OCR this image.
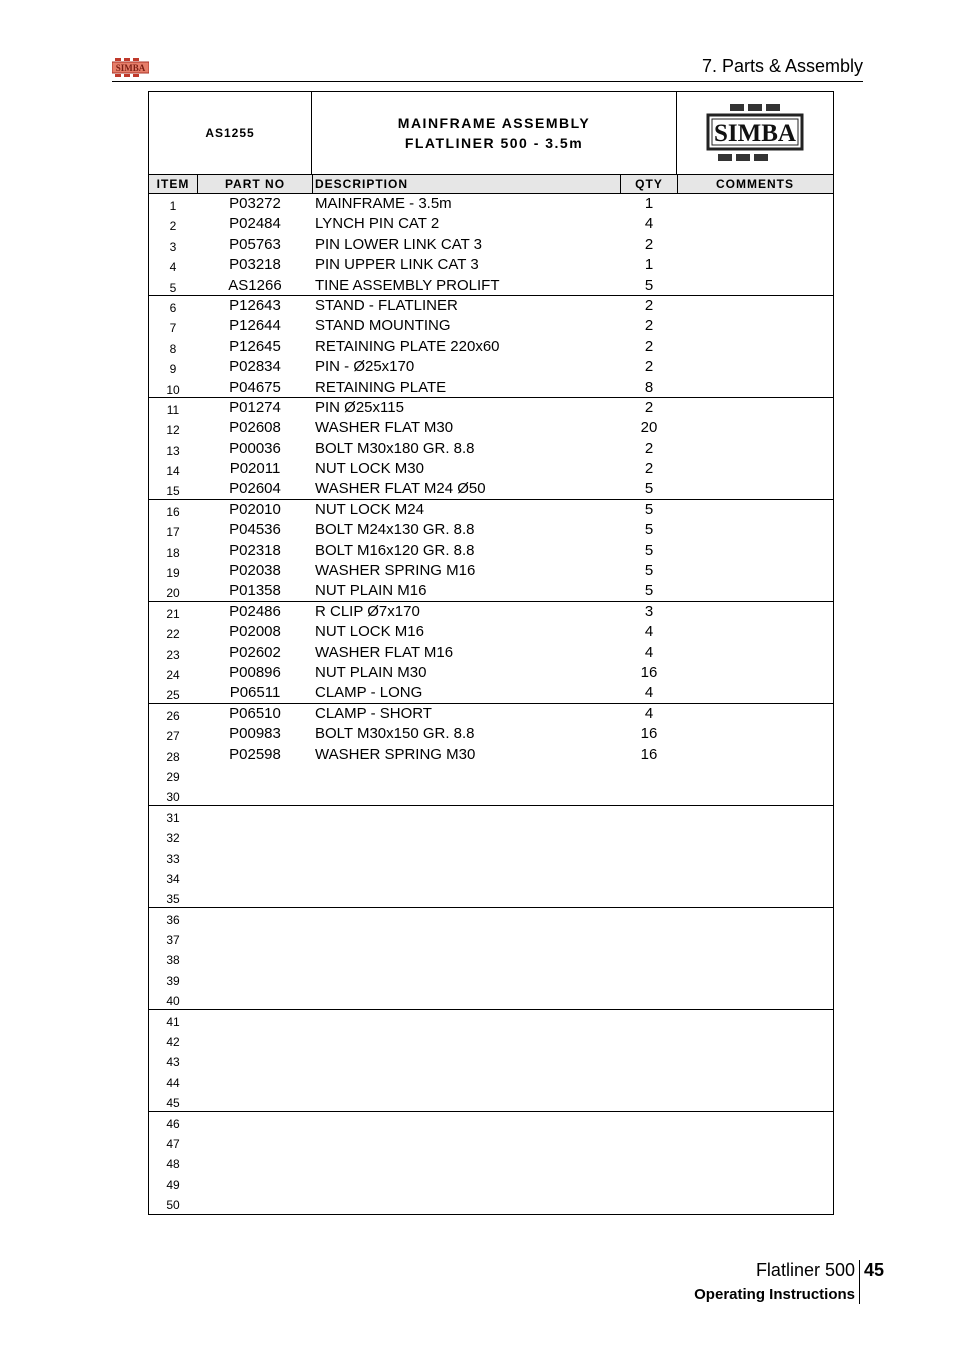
SIMBA	7. Parts & Assembly
AS1255
MAINFRAME ASSEMBLY
FLATLINER 500 - 3.5m	SIMBA
ITEM	PART NO	DESCRIPTION	QTY	COMMENTS
1	P03272	MAINFRAME - 3.5m	1
2	P02484	LYNCH PIN CAT 2	4
3	P05763	PIN LOWER LINK CAT 3	2
4	P03218	PIN UPPER LINK CAT 3	1
5	AS1266	TINE ASSEMBLY PROLIFT	5
6	P12643	STAND - FLATLINER	2
7	P12644	STAND MOUNTING	2
8	P12645	RETAINING PLATE 220x60	2
9	P02834	PIN - Ø25x170	2
10	P04675	RETAINING PLATE	8
11	P01274	PIN Ø25x115	2
12	P02608	WASHER FLAT M30	20
13	P00036	BOLT M30x180 GR. 8.8	2
14	P02011	NUT LOCK M30	2
15	P02604	WASHER FLAT M24 Ø50	5
16	P02010	NUT LOCK M24	5
17	P04536	BOLT M24x130 GR. 8.8	5
18	P02318	BOLT M16x120 GR. 8.8	5
19	P02038	WASHER SPRING M16	5
20	P01358	NUT PLAIN M16	5
21	P02486	R CLIP Ø7x170	3
22	P02008	NUT LOCK M16	4
23	P02602	WASHER FLAT M16	4
24	P00896	NUT PLAIN M30	16
25	P06511	CLAMP - LONG	4
26	P06510	CLAMP - SHORT	4
27	P00983	BOLT M30x150 GR. 8.8	16
28	P02598	WASHER SPRING M30	16
29
30
31
32
33
34
35
36
37
38
39
40
41
42
43
44
45
46
47
48
49
50
Flatliner 500 45
Operating Instructions
